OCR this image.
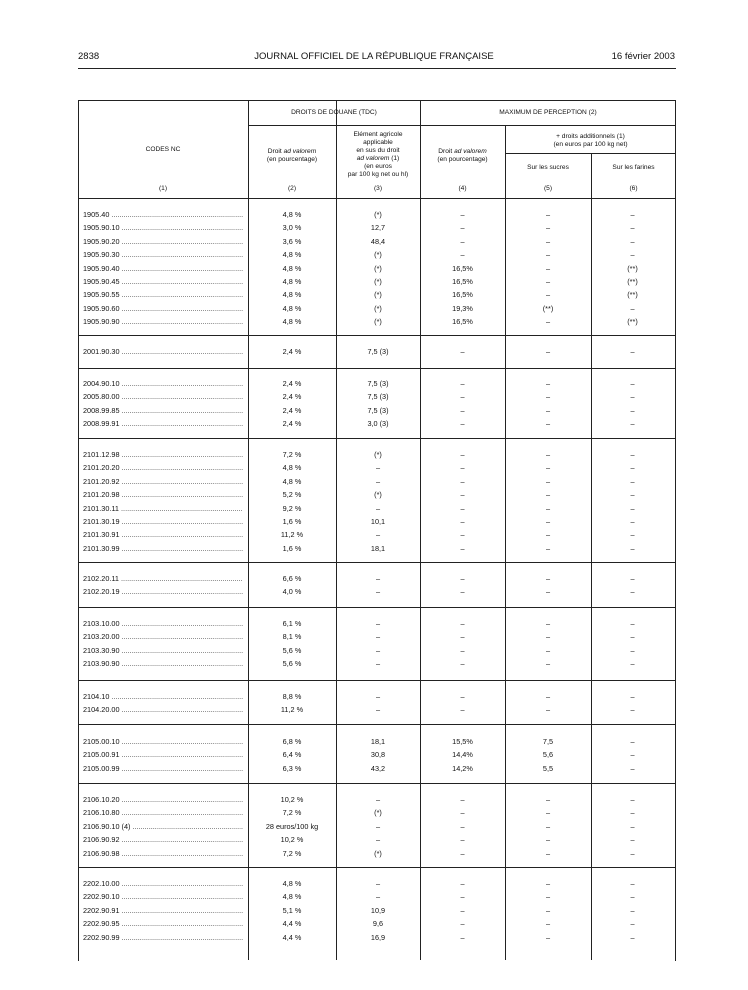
2838	JOURNAL OFFICIEL DE LA RÉPUBLIQUE FRANÇAISE	16 février 2003
CODES NC
DROITS DE DOUANE (TDC)	MAXIMUM DE PERCEPTION (2)
Droit ad valorem
(en pourcentage)
Elément agricole
applicable
en sus du droit
ad valorem (1)
(en euros
par 100 kg net ou hl)
Droit ad valorem
(en pourcentage)
+ droits additionnels (1)
(en euros par 100 kg net)
Sur les sucres	Sur les farines
(1)	(2)	(3)	(4)	(5)	(6)
1905.40 .....	4,8 %	(*)	–	–	–
1905.90.10 .....	3,0 %	12,7	–	–	–
1905.90.20 .....	3,6 %	48,4	–	–	–
1905.90.30 .....	4,8 %	(*)	–	–	–
1905.90.40 .....	4,8 %	(*)	16,5%	–	(**)
1905.90.45 .....	4,8 %	(*)	16,5%	–	(**)
1905.90.55 .....	4,8 %	(*)	16,5%	–	(**)
1905.90.60 .....	4,8 %	(*)	19,3%	(**)	–
1905.90.90 .....	4,8 %	(*)	16,5%	–	(**)
2001.90.30 .....	2,4 %	7,5 (3)	–	–	–
2004.90.10 .....	2,4 %	7,5 (3)	–	–	–
2005.80.00 .....	2,4 %	7,5 (3)	–	–	–
2008.99.85 .....	2,4 %	7,5 (3)	–	–	–
2008.99.91 .....	2,4 %	3,0 (3)	–	–	–
2101.12.98 .....	7,2 %	(*)	–	–	–
2101.20.20 .....	4,8 %	–	–	–	–
2101.20.92 .....	4,8 %	–	–	–	–
2101.20.98 .....	5,2 %	(*)	–	–	–
2101.30.11 .....	9,2 %	–	–	–	–
2101.30.19 .....	1,6 %	10,1	–	–	–
2101.30.91 .....	11,2 %	–	–	–	–
2101.30.99 .....	1,6 %	18,1	–	–	–
2102.20.11 .....	6,6 %	–	–	–	–
2102.20.19 .....	4,0 %	–	–	–	–
2103.10.00 .....	6,1 %	–	–	–	–
2103.20.00 .....	8,1 %	–	–	–	–
2103.30.90 .....	5,6 %	–	–	–	–
2103.90.90 .....	5,6 %	–	–	–	–
2104.10 .....	8,8 %	–	–	–	–
2104.20.00 .....	11,2 %	–	–	–	–
2105.00.10 .....	6,8 %	18,1	15,5%	7,5	–
2105.00.91 .....	6,4 %	30,8	14,4%	5,6	–
2105.00.99 .....	6,3 %	43,2	14,2%	5,5	–
2106.10.20 .....	10,2 %	–	–	–	–
2106.10.80 .....	7,2 %	(*)	–	–	–
2106.90.10 (4) .....	28 euros/100 kg	–	–	–	–
2106.90.92 .....	10,2 %	–	–	–	–
2106.90.98 .....	7,2 %	(*)	–	–	–
2202.10.00 .....	4,8 %	–	–	–	–
2202.90.10 .....	4,8 %	–	–	–	–
2202.90.91 .....	5,1 %	10,9	–	–	–
2202.90.95 .....	4,4 %	9,6	–	–	–
2202.90.99 .....	4,4 %	16,9	–	–	–
